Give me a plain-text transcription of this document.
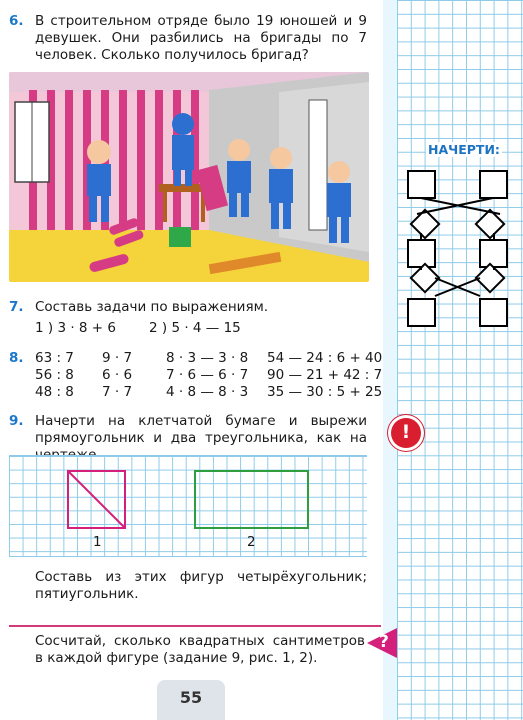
6. В строительном отряде было 19 юношей и 9 девушек. Они разбились на бригады по 7 человек. Сколько получилось бригад?
7. Составь задачи по выражениям.
1 ) 3 · 8 + 6 2 ) 5 · 4 — 15
8. 63 : 7
56 : 8
48 : 8
9 · 7
6 · 6
7 · 7
8 · 3 — 3 · 8
7 · 6 — 6 · 7
4 · 8 — 8 · 3
54 — 24 : 6 + 40
90 — 21 + 42 : 7
35 — 30 : 5 + 25
9. Начерти на клетчатой бумаге и вырежи прямоугольник и два треугольника, как на
1	2
Составь из этих фигур четырёхугольник; пятиугольник.
Сосчитай, сколько квадратных сантиметров в каждой фигуре (задание 9, рис. 1, 2).
55
НАЧЕРТИ:
!
?
